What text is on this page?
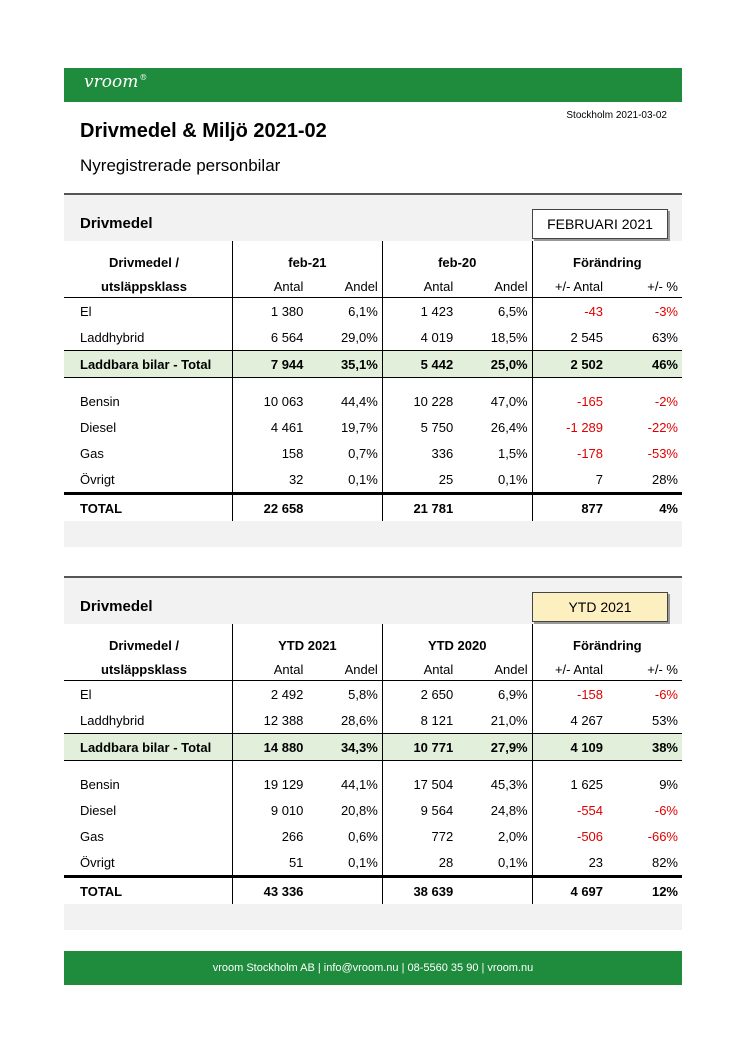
vroom®
Stockholm 2021-03-02
Drivmedel & Miljö 2021-02
Nyregistrerade personbilar
Drivmedel	FEBRUARI 2021
Drivmedel /	feb-21		feb-20		Förändring	
utsläppsklass	Antal	Andel	Antal	Andel	+/- Antal	+/- %
El	1 380	6,1%	1 423	6,5%	-43	-3%
Laddhybrid	6 564	29,0%	4 019	18,5%	2 545	63%
Laddbara bilar - Total	7 944	35,1%	5 442	25,0%	2 502	46%

Bensin	10 063	44,4%	10 228	47,0%	-165	-2%
Diesel	4 461	19,7%	5 750	26,4%	-1 289	-22%
Gas	158	0,7%	336	1,5%	-178	-53%
Övrigt	32	0,1%	25	0,1%	7	28%
TOTAL	22 658		21 781		877	4%
Drivmedel	YTD 2021
Drivmedel /	YTD 2021		YTD 2020		Förändring	
utsläppsklass	Antal	Andel	Antal	Andel	+/- Antal	+/- %
El	2 492	5,8%	2 650	6,9%	-158	-6%
Laddhybrid	12 388	28,6%	8 121	21,0%	4 267	53%
Laddbara bilar - Total	14 880	34,3%	10 771	27,9%	4 109	38%

Bensin	19 129	44,1%	17 504	45,3%	1 625	9%
Diesel	9 010	20,8%	9 564	24,8%	-554	-6%
Gas	266	0,6%	772	2,0%	-506	-66%
Övrigt	51	0,1%	28	0,1%	23	82%
TOTAL	43 336		38 639		4 697	12%
vroom Stockholm AB | info@vroom.nu | 08-5560 35 90 | vroom.nu
